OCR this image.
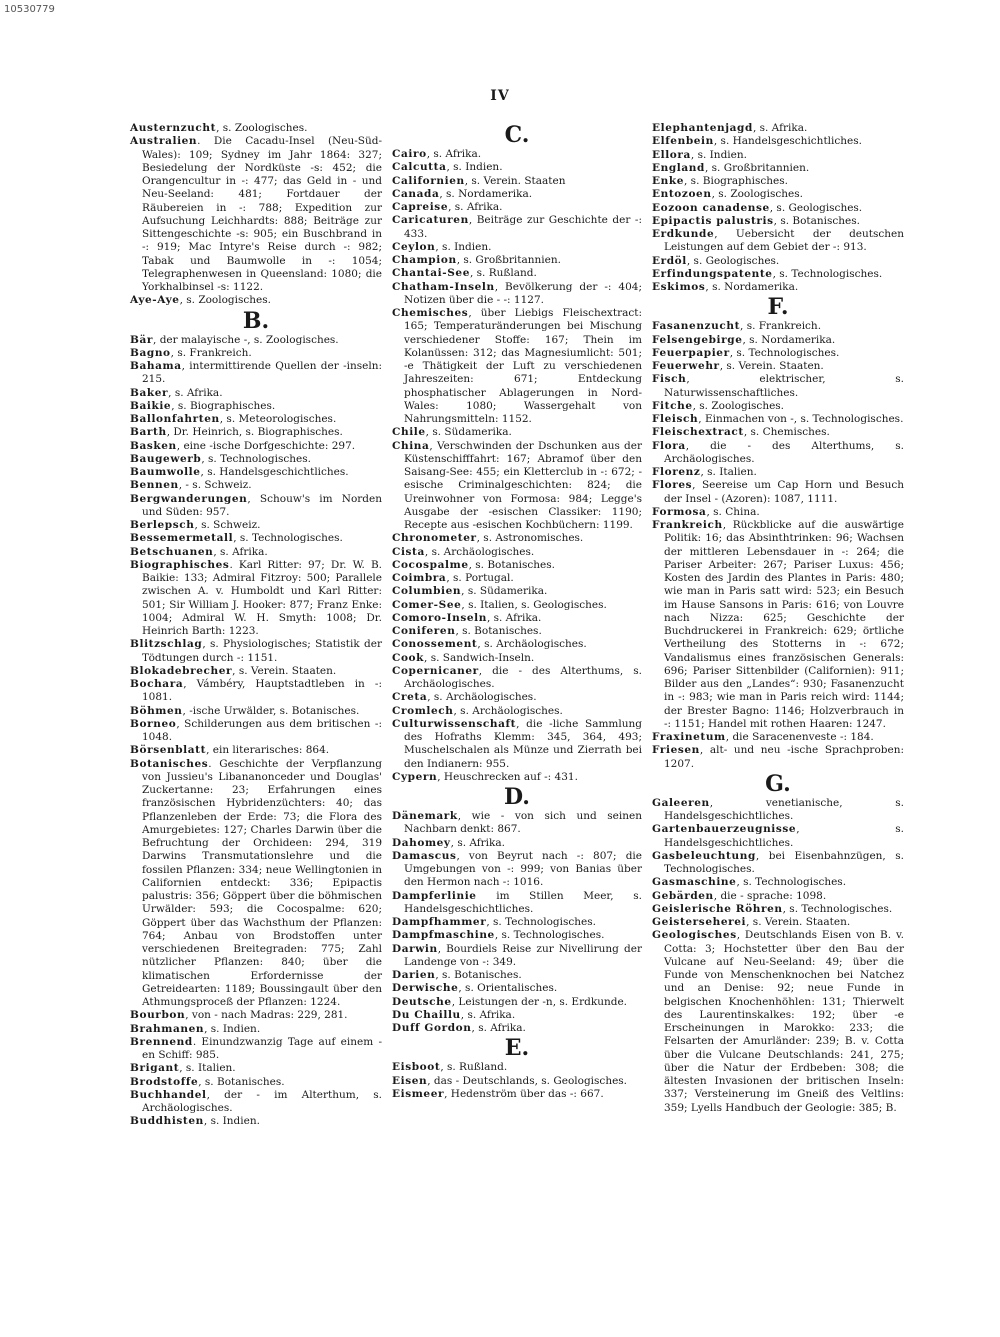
10530779
IV

Austernzucht, s. Zoologisches.

Australien. Die Cacadu-Insel (Neu-Süd-Wales): 109; Sydney im Jahr 1864: 327; Besiedelung der Nordküste -s: 452; die Orangencultur in -: 477; das Geld in - und Neu-Seeland: 481; Fortdauer der Räubereien in -: 788; Expedition zur Aufsuchung Leichhardts: 888; Beiträge zur Sittengeschichte -s: 905; ein Buschbrand in -: 919; Mac Intyre's Reise durch -: 982; Tabak und Baumwolle in -: 1054; Telegraphenwesen in Queensland: 1080; die Yorkhalbinsel -s: 1122.

Aye-Aye, s. Zoologisches.

B.

Bär, der malayische -, s. Zoologisches.

Bagno, s. Frankreich.

Bahama, intermittirende Quellen der -inseln: 215.

Baker, s. Afrika.

Baikie, s. Biographisches.

Ballonfahrten, s. Meteorologisches.

Barth, Dr. Heinrich, s. Biographisches.

Basken, eine -ische Dorfgeschichte: 297.

Baugewerb, s. Technologisches.

Baumwolle, s. Handelsgeschichtliches.

Bennen, - s. Schweiz.

Bergwanderungen, Schouw's im Norden und Süden: 957.

Berlepsch, s. Schweiz.

Bessemermetall, s. Technologisches.

Betschuanen, s. Afrika.

Biographisches. Karl Ritter: 97; Dr. W. B. Baikie: 133; Admiral Fitzroy: 500; Parallele zwischen A. v. Humboldt und Karl Ritter: 501; Sir William J. Hooker: 877; Franz Enke: 1004; Admiral W. H. Smyth: 1008; Dr. Heinrich Barth: 1223.

Blitzschlag, s. Physiologisches; Statistik der Tödtungen durch -: 1151.

Blokadebrecher, s. Verein. Staaten.

Bochara, Vámbéry, Hauptstadtleben in -: 1081.

Böhmen, -ische Urwälder, s. Botanisches.

Borneo, Schilderungen aus dem britischen -: 1048.

Börsenblatt, ein literarisches: 864.

Botanisches. Geschichte der Verpflanzung von Jussieu's Libananonceder und Douglas' Zuckertanne: 23; Erfahrungen eines französischen Hybridenzüchters: 40; das Pflanzenleben der Erde: 73; die Flora des Amurgebietes: 127; Charles Darwin über die Befruchtung der Orchideen: 294, 319 Darwins Transmutationslehre und die fossilen Pflanzen: 334; neue Wellingtonien in Californien entdeckt: 336; Epipactis palustris: 356; Göppert über die böhmischen Urwälder: 593; die Cocospalme: 620; Göppert über das Wachsthum der Pflanzen: 764; Anbau von Brodstoffen unter verschiedenen Breitegraden: 775; Zahl nützlicher Pflanzen: 840; über die klimatischen Erfordernisse der Getreidearten: 1189; Boussingault über den Athmungsproceß der Pflanzen: 1224.

Bourbon, von - nach Madras: 229, 281.

Brahmanen, s. Indien.

Brennend. Einundzwanzig Tage auf einem -en Schiff: 985.

Brigant, s. Italien.

Brodstoffe, s. Botanisches.

Buchhandel, der - im Alterthum, s. Archäologisches.

Buddhisten, s. Indien.

C.

Cairo, s. Afrika.

Calcutta, s. Indien.

Californien, s. Verein. Staaten

Canada, s. Nordamerika.

Capreise, s. Afrika.

Caricaturen, Beiträge zur Geschichte der -: 433.

Ceylon, s. Indien.

Champion, s. Großbritannien.

Chantai-See, s. Rußland.

Chatham-Inseln, Bevölkerung der -: 404; Notizen über die - -: 1127.

Chemisches, über Liebigs Fleischextract: 165; Temperaturänderungen bei Mischung verschiedener Stoffe: 167; Thein im Kolanüssen: 312; das Magnesiumlicht: 501; -e Thätigkeit der Luft zu verschiedenen Jahreszeiten: 671; Entdeckung phosphatischer Ablagerungen in Nord-Wales: 1080; Wassergehalt von Nahrungsmitteln: 1152.

Chile, s. Südamerika.

China, Verschwinden der Dschunken aus der Küstenschifffahrt: 167; Abramof über den Saisang-See: 455; ein Kletterclub in -: 672; -esische Criminalgeschichten: 824; die Ureinwohner von Formosa: 984; Legge's Ausgabe der -esischen Classiker: 1190; Recepte aus -esischen Kochbüchern: 1199.

Chronometer, s. Astronomisches.

Cista, s. Archäologisches.

Cocospalme, s. Botanisches.

Coimbra, s. Portugal.

Columbien, s. Südamerika.

Comer-See, s. Italien, s. Geologisches.

Comoro-Inseln, s. Afrika.

Coniferen, s. Botanisches.

Conossement, s. Archäologisches.

Cook, s. Sandwich-Inseln.

Copernicaner, die - des Alterthums, s. Archäologisches.

Creta, s. Archäologisches.

Cromlech, s. Archäologisches.

Culturwissenschaft, die -liche Sammlung des Hofraths Klemm: 345, 364, 493; Muschelschalen als Münze und Zierrath bei den Indianern: 955.

Cypern, Heuschrecken auf -: 431.

D.

Dänemark, wie - von sich und seinen Nachbarn denkt: 867.

Dahomey, s. Afrika.

Damascus, von Beyrut nach -: 807; die Umgebungen von -: 999; von Banias über den Hermon nach -: 1016.

Dampferlinie im Stillen Meer, s. Handelsgeschichtliches.

Dampfhammer, s. Technologisches.

Dampfmaschine, s. Technologisches.

Darwin, Bourdiels Reise zur Nivellirung der Landenge von -: 349.

Darien, s. Botanisches.

Derwische, s. Orientalisches.

Deutsche, Leistungen der -n, s. Erdkunde.

Du Chaillu, s. Afrika.

Duff Gordon, s. Afrika.

E.

Eisboot, s. Rußland.

Eisen, das - Deutschlands, s. Geologisches.

Eismeer, Hedenström über das -: 667.

Elephantenjagd, s. Afrika.

Elfenbein, s. Handelsgeschichtliches.

Ellora, s. Indien.

England, s. Großbritannien.

Enke, s. Biographisches.

Entozoen, s. Zoologisches.

Eozoon canadense, s. Geologisches.

Epipactis palustris, s. Botanisches.

Erdkunde, Uebersicht der deutschen Leistungen auf dem Gebiet der -: 913.

Erdöl, s. Geologisches.

Erfindungspatente, s. Technologisches.

Eskimos, s. Nordamerika.

F.

Fasanenzucht, s. Frankreich.

Felsengebirge, s. Nordamerika.

Feuerpapier, s. Technologisches.

Feuerwehr, s. Verein. Staaten.

Fisch, elektrischer, s. Naturwissenschaftliches.

Fitche, s. Zoologisches.

Fleisch, Einmachen von -, s. Technologisches.

Fleischextract, s. Chemisches.

Flora, die - des Alterthums, s. Archäologisches.

Florenz, s. Italien.

Flores, Seereise um Cap Horn und Besuch der Insel - (Azoren): 1087, 1111.

Formosa, s. China.

Frankreich, Rückblicke auf die auswärtige Politik: 16; das Absinthtrinken: 96; Wachsen der mittleren Lebensdauer in -: 264; die Pariser Arbeiter: 267; Pariser Luxus: 456; Kosten des Jardin des Plantes in Paris: 480; wie man in Paris satt wird: 523; ein Besuch im Hause Sansons in Paris: 616; von Louvre nach Nizza: 625; Geschichte der Buchdruckerei in Frankreich: 629; örtliche Vertheilung des Stotterns in -: 672; Vandalismus eines französischen Generals: 696; Pariser Sittenbilder (Californien): 911; Bilder aus den „Landes“: 930; Fasanenzucht in -: 983; wie man in Paris reich wird: 1144; der Brester Bagno: 1146; Holzverbrauch in -: 1151; Handel mit rothen Haaren: 1247.

Fraxinetum, die Saracenenveste -: 184.

Friesen, alt- und neu -ische Sprachproben: 1207.

G.

Galeeren, venetianische, s. Handelsgeschichtliches.

Gartenbauerzeugnisse, s. Handelsgeschichtliches.

Gasbeleuchtung, bei Eisenbahnzügen, s. Technologisches.

Gasmaschine, s. Technologisches.

Gebärden, die - sprache: 1098.

Geislerische Röhren, s. Technologisches.

Geisterseherei, s. Verein. Staaten.

Geologisches, Deutschlands Eisen von B. v. Cotta: 3; Hochstetter über den Bau der Vulcane auf Neu-Seeland: 49; über die Funde von Menschenknochen bei Natchez und an Denise: 92; neue Funde in belgischen Knochenhöhlen: 131; Thierwelt des Laurentinskalkes: 192; über -e Erscheinungen in Marokko: 233; die Felsarten der Amurländer: 239; B. v. Cotta über die Vulcane Deutschlands: 241, 275; über die Natur der Erdbeben: 308; die ältesten Invasionen der britischen Inseln: 337; Versteinerung im Gneiß des Veltlins: 359; Lyells Handbuch der Geologie: 385; B.
